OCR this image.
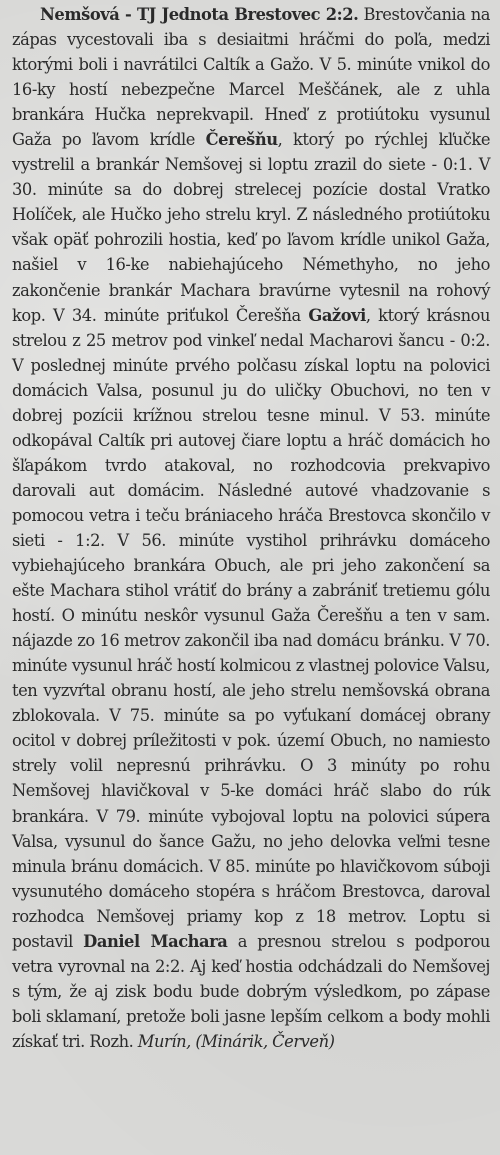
Nemšová - TJ Jednota Brestovec 2:2. Brestovčania na zápas vycestovali iba s desiaitmi hráčmi do poľa, medzi ktorými boli i navrátilci Caltík a Gažo. V 5. minúte vnikol do 16-ky hostí nebezpečne Marcel Meščánek, ale z uhla brankára Hučka neprekvapil. Hneď z protiútoku vysunul Gaža po ľavom krídle Čerešňu, ktorý po rýchlej kľučke vystrelil a brankár Nemšovej si loptu zrazil do siete - 0:1. V 30. minúte sa do dobrej strelecej pozície dostal Vratko Holíček, ale Hučko jeho strelu kryl. Z následného protiútoku však opäť pohrozili hostia, keď po ľavom krídle unikol Gaža, našiel v 16-ke nabiehajúceho Némethyho, no jeho zakončenie brankár Machara bravúrne vytesnil na rohový kop. V 34. minúte priťukol Čerešňa Gažovi, ktorý krásnou strelou z 25 metrov pod vinkeľ nedal Macharovi šancu - 0:2. V poslednej minúte prvého polčasu získal loptu na polovici domácich Valsa, posunul ju do uličky Obuchovi, no ten v dobrej pozícii krížnou strelou tesne minul. V 53. minúte odkopával Caltík pri autovej čiare loptu a hráč domácich ho šľapákom tvrdo atakoval, no rozhodcovia prekvapivo darovali aut domácim. Následné autové vhadzovanie s pomocou vetra i teču brániaceho hráča Brestovca skončilo v sieti - 1:2. V 56. minúte vystihol prihrávku domáceho vybiehajúceho brankára Obuch, ale pri jeho zakončení sa ešte Machara stihol vrátiť do brány a zabrániť tretiemu gólu hostí. O minútu neskôr vysunul Gaža Čerešňu a ten v sam. nájazde zo 16 metrov zakončil iba nad domácu bránku. V 70. minúte vysunul hráč hostí kolmicou z vlastnej polovice Valsu, ten vyzvŕtal obranu hostí, ale jeho strelu nemšovská obrana zblokovala. V 75. minúte sa po vyťukaní domácej obrany ocitol v dobrej príležitosti v pok. území Obuch, no namiesto strely volil nepresnú prihrávku. O 3 minúty po rohu Nemšovej hlavičkoval v 5-ke domáci hráč slabo do rúk brankára. V 79. minúte vybojoval loptu na polovici súpera Valsa, vysunul do šance Gažu, no jeho delovka veľmi tesne minula bránu domácich. V 85. minúte po hlavičkovom súboji vysunutého domáceho stopéra s hráčom Brestovca, daroval rozhodca Nemšovej priamy kop z 18 metrov. Loptu si postavil Daniel Machara a presnou strelou s podporou vetra vyrovnal na 2:2. Aj keď hostia odchádzali do Nemšovej s tým, že aj zisk bodu bude dobrým výsledkom, po zápase boli sklamaní, pretože boli jasne lepším celkom a body mohli získať tri. Rozh. Murín, (Minárik, Červeň)
